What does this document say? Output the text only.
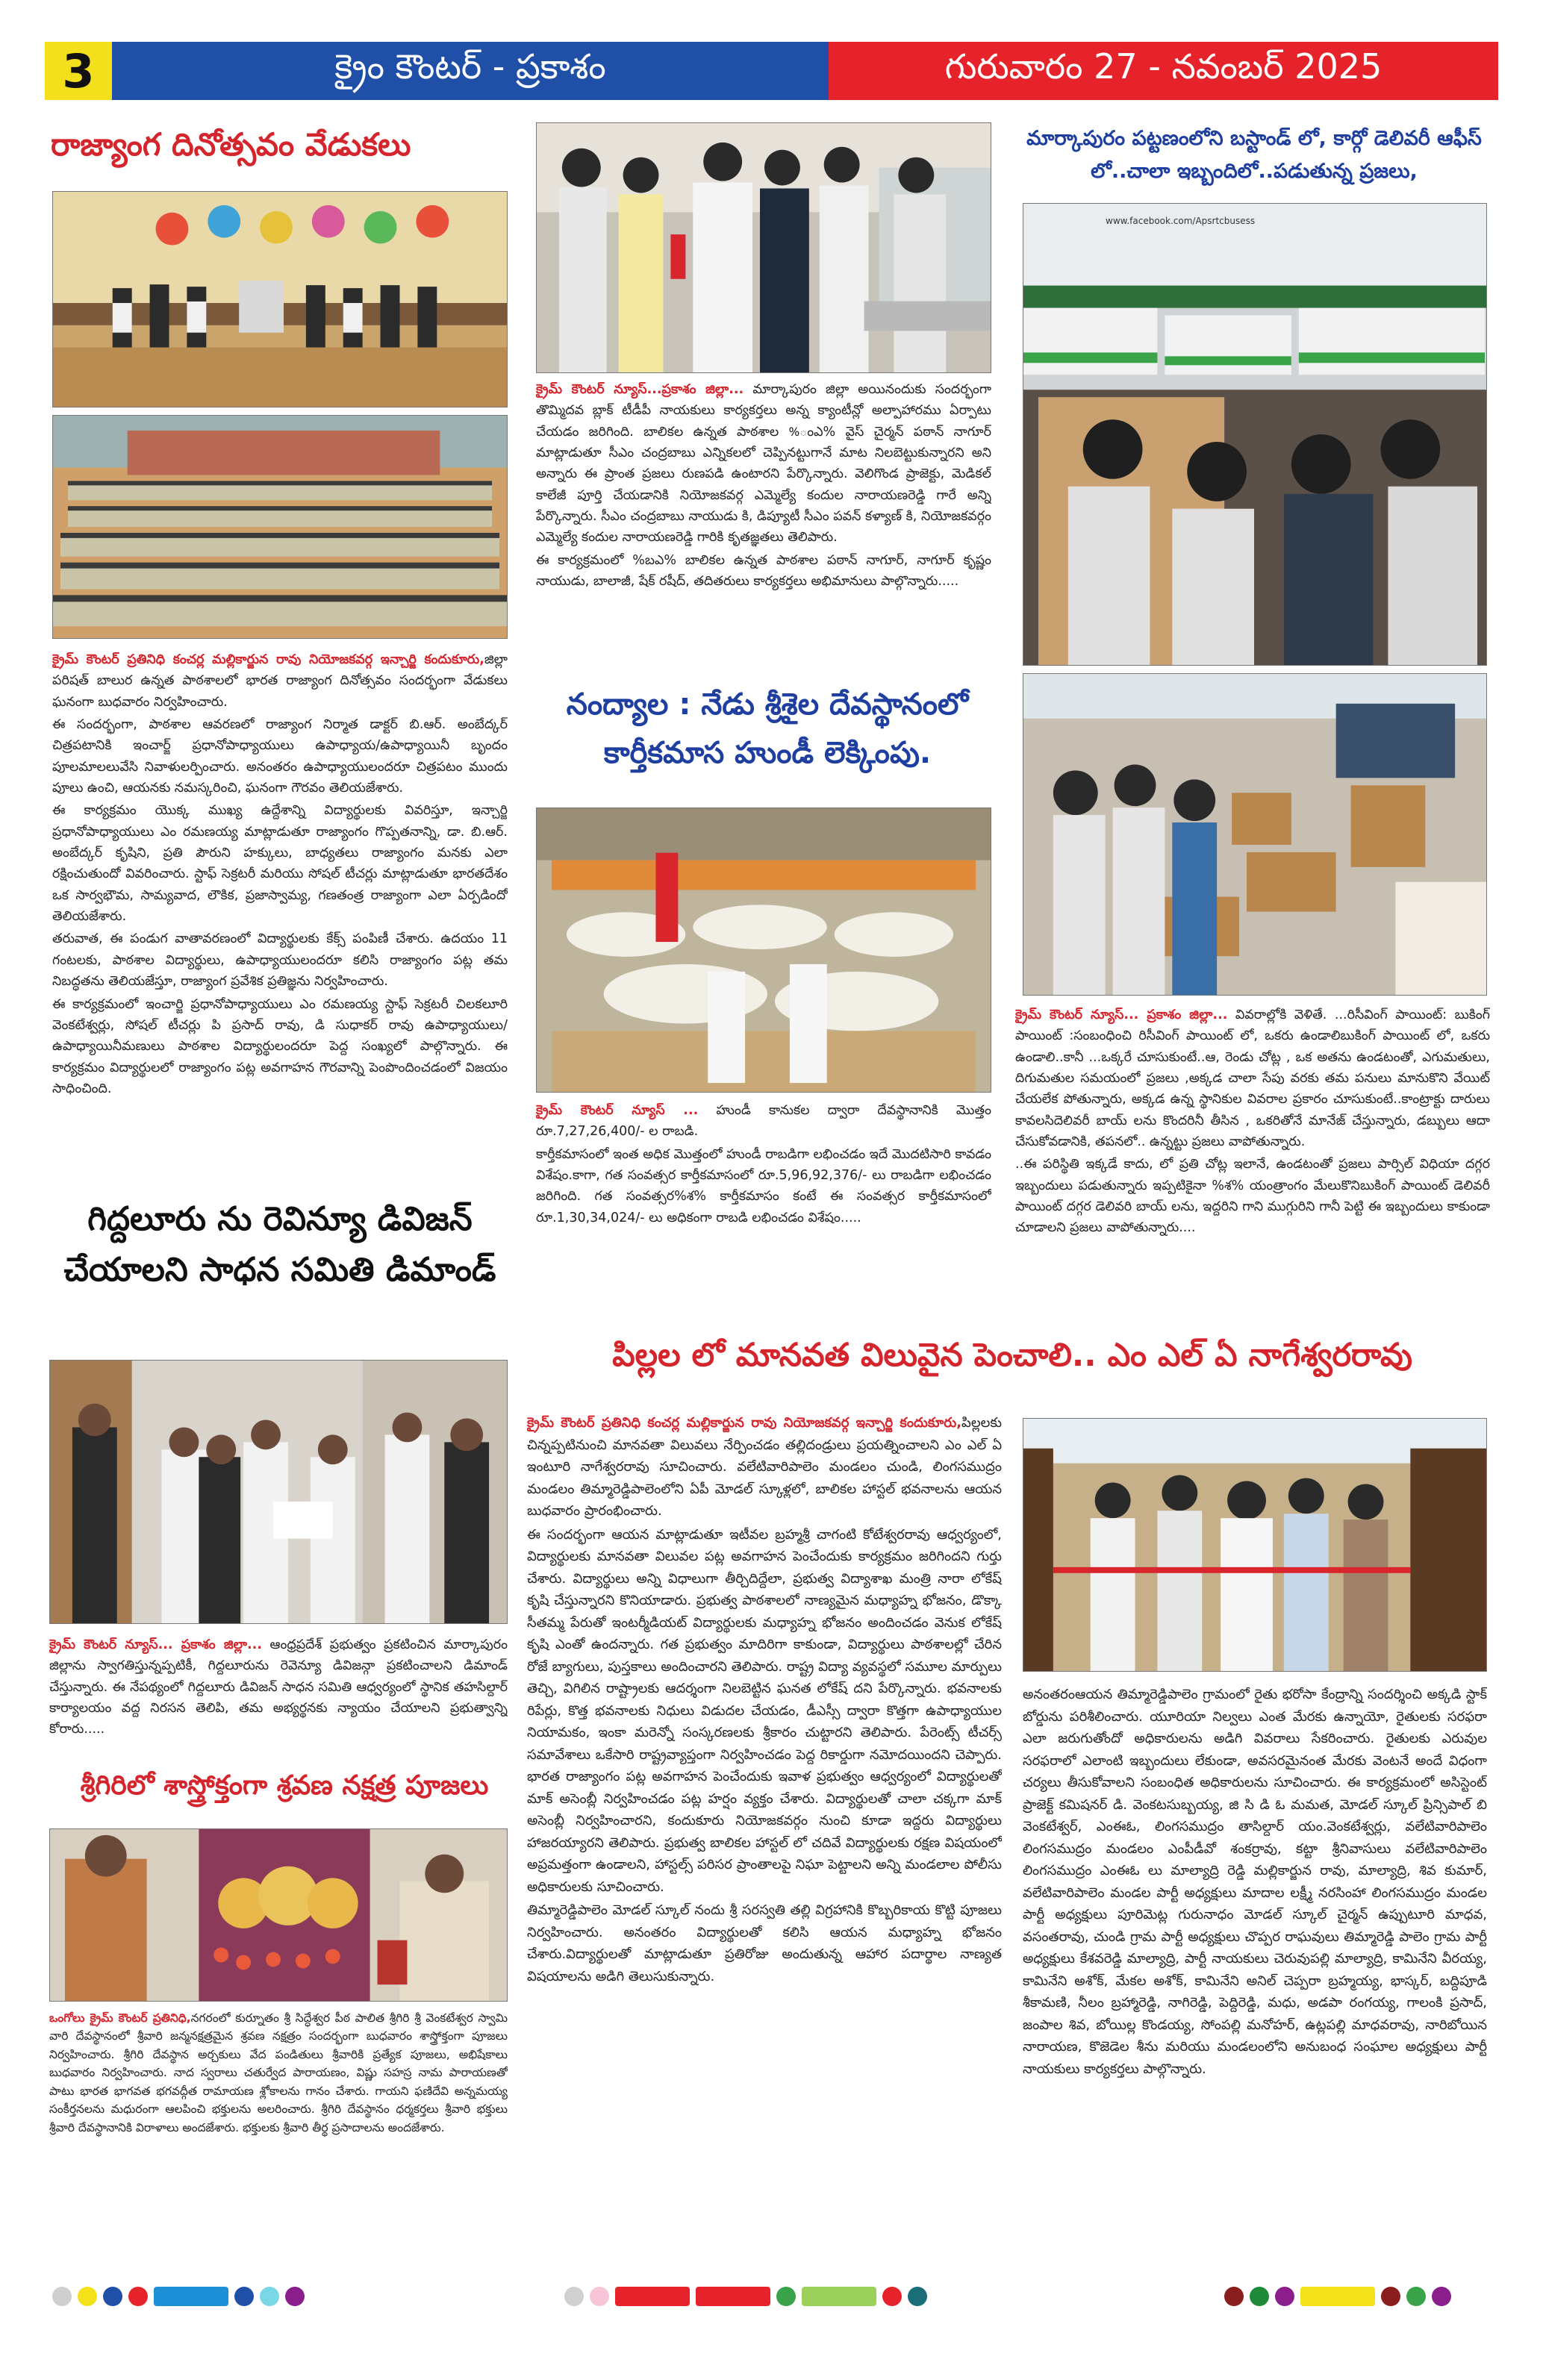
3	క్రైం కౌంటర్ - ప్రకాశం	గురువారం 27 - నవంబర్ 2025
రాజ్యాంగ దినోత్సవం వేడుకలు

క్రైమ్ కౌంటర్ ప్రతినిధి కంచర్ల మల్లికార్జున రావు నియోజకవర్గ ఇన్చార్జి కందుకూరు,జిల్లా పరిషత్ బాలుర ఉన్నత పాఠశాలలో భారత రాజ్యాంగ దినోత్సవం సందర్భంగా వేడుకలు ఘనంగా బుధవారం నిర్వహించారు.

ఈ సందర్భంగా, పాఠశాల ఆవరణలో రాజ్యాంగ నిర్మాత డాక్టర్ బి.ఆర్. అంబేద్కర్ చిత్రపటానికి ఇంచార్జ్ ప్రధానోపాధ్యాయులు ఉపాధ్యాయ/ఉపాధ్యాయినీ బృందం పూలమాలలువేసి నివాళులర్పించారు. అనంతరం ఉపాధ్యాయులందరూ చిత్రపటం ముందు పూలు ఉంచి, ఆయనకు నమస్కరించి, ఘనంగా గౌరవం తెలియజేశారు.

ఈ కార్యక్రమం యొక్క ముఖ్య ఉద్దేశాన్ని విద్యార్థులకు వివరిస్తూ, ఇన్చార్జి ప్రధానోపాధ్యాయులు ఎం రమణయ్య మాట్లాడుతూ రాజ్యాంగం గొప్పతనాన్ని, డా. బి.ఆర్. అంబేద్కర్ కృషిని, ప్రతి పౌరుని హక్కులు, బాధ్యతలు రాజ్యాంగం మనకు ఎలా రక్షించుతుందో వివరించారు. స్టాఫ్ సెక్రటరీ మరియు సోషల్ టీచర్లు మాట్లాడుతూ భారతదేశం ఒక సార్వభౌమ, సామ్యవాద, లౌకిక, ప్రజాస్వామ్య, గణతంత్ర రాజ్యాంగా ఎలా ఏర్పడిందో తెలియజేశారు.

తరువాత, ఈ పండుగ వాతావరణంలో విద్యార్థులకు కేక్స్ పంపిణీ చేశారు. ఉదయం 11 గంటలకు, పాఠశాల విద్యార్థులు, ఉపాధ్యాయులందరూ కలిసి రాజ్యాంగం పట్ల తమ నిబద్ధతను తెలియజేస్తూ, రాజ్యాంగ ప్రవేశిక ప్రతిజ్ఞను నిర్వహించారు.

ఈ కార్యక్రమంలో ఇంచార్జి ప్రధానోపాధ్యాయులు ఎం రమణయ్య స్టాఫ్ సెక్రటరీ చిలకలూరి వెంకటేశ్వర్లు, సోషల్ టీచర్లు పి ప్రసాద్ రావు, డి సుధాకర్ రావు ఉపాధ్యాయులు/ఉపాధ్యాయినీమణులు పాఠశాల విద్యార్థులందరూ పెద్ద సంఖ్యలో పాల్గొన్నారు. ఈ కార్యక్రమం విద్యార్థులలో రాజ్యాంగం పట్ల అవగాహన గౌరవాన్ని పెంపొందించడంలో విజయం సాధించింది.

గిద్దలూరు ను రెవిన్యూ డివిజన్ చేయాలని సాధన సమితి డిమాండ్

క్రైమ్ కౌంటర్ న్యూస్... ప్రకాశం జిల్లా... ఆంధ్రప్రదేశ్ ప్రభుత్వం ప్రకటించిన మార్కాపురం జిల్లాను స్వాగతిస్తున్నప్పటికీ, గిద్దలూరును రెవెన్యూ డివిజన్గా ప్రకటించాలని డిమాండ్ చేస్తున్నారు. ఈ నేపథ్యంలో గిద్దలూరు డివిజన్ సాధన సమితి ఆధ్వర్యంలో స్థానిక తహసిల్దార్ కార్యాలయం వద్ద నిరసన తెలిపి, తమ అభ్యర్థనకు న్యాయం చేయాలని ప్రభుత్వాన్ని కోరారు.....

శ్రీగిరిలో శాస్త్రోక్తంగా శ్రవణ నక్షత్ర పూజలు

ఒంగోలు క్రైమ్ కౌంటర్ ప్రతినిధి,నగరంలో కుర్నూతం శ్రీ సిద్ధేశ్వర పీఠ పాలిత శ్రీగిరి శ్రీ వెంకటేశ్వర స్వామి వారి దేవస్థానంలో శ్రీవారి జన్మనక్షత్రమైన శ్రవణ నక్షత్రం సందర్భంగా బుధవారం శాస్త్రోక్తంగా పూజలు నిర్వహించారు. శ్రీగిరి దేవస్థాన అర్చకులు వేద పండితులు శ్రీవారికి ప్రత్యేక పూజలు, అభిషేకాలు బుధవారం నిర్వహించారు. నాద స్వరాలు చతుర్వేద పారాయణం, విష్ణు సహస్ర నామ పారాయణతో పాటు భారత భాగవత భగవద్గీత రామాయణ శ్లోకాలను గానం చేశారు. గాయని ఫణిదేవి అన్నమయ్య సంకీర్తనలను మధురంగా ఆలపించి భక్తులను అలరించారు. శ్రీగిరి దేవస్థానం ధర్మకర్తలు శ్రీవారి భక్తులు శ్రీవారి దేవస్థానానికి విరాళాలు అందజేశారు. భక్తులకు శ్రీవారి తీర్థ ప్రసాదాలను అందజేశారు.

క్రైమ్ కౌంటర్ న్యూస్...ప్రకాశం జిల్లా... మార్కాపురం జిల్లా అయినందుకు సందర్భంగా తొమ్మిదవ బ్లాక్ టీడీపీ నాయకులు కార్యకర్తలు అన్న క్యాంటీన్లో అల్పాహారము ఏర్పాటు చేయడం జరిగింది. బాలికల ఉన్నత పాఠశాల %ంఎ% వైస్ చైర్మన్ పఠాన్ నాగూర్ మాట్లాడుతూ సీఎం చంద్రబాబు ఎన్నికలలో చెప్పినట్టుగానే మాట నిలబెట్టుకున్నారని అని అన్నారు ఈ ప్రాంత ప్రజలు రుణపడి ఉంటారని పేర్కొన్నారు. వెలిగొండ ప్రాజెక్టు, మెడికల్ కాలేజీ పూర్తి చేయడానికి నియోజకవర్గ ఎమ్మెల్యే కందుల నారాయణరెడ్డి గారే అన్ని పేర్కొన్నారు. సీఎం చంద్రబాబు నాయుడు కి, డిప్యూటీ సీఎం పవన్ కళ్యాణ్ కి, నియోజకవర్గం ఎమ్మెల్యే కందుల నారాయణరెడ్డి గారికి కృతజ్ఞతలు తెలిపారు.

ఈ కార్యక్రమంలో %బఎ% బాలికల ఉన్నత పాఠశాల పఠాన్ నాగూర్, నాగూర్ కృష్ణం నాయుడు, బాలాజీ, షేక్ రషీద్, తదితరులు కార్యకర్తలు అభిమానులు పాల్గొన్నారు.....

నంద్యాల : నేడు శ్రీశైల దేవస్థానంలో కార్తీకమాస హుండీ లెక్కింపు.

క్రైమ్ కౌంటర్ న్యూస్ ... హుండీ కానుకల ద్వారా దేవస్థానానికి మొత్తం రూ.7,27,26,400/- ల రాబడి.

కార్తీకమాసంలో ఇంత అధిక మొత్తంలో హుండీ రాబడిగా లభించడం ఇదే మొదటిసారి కావడం విశేషం.కాగా, గత సంవత్సర కార్తీకమాసంలో రూ.5,96,92,376/- లు రాబడిగా లభించడం జరిగింది. గత సంవత్సర%శ% కార్తీకమాసం కంటే ఈ సంవత్సర కార్తీకమాసంలో రూ.1,30,34,024/- లు అధికంగా రాబడి లభించడం విశేషం.....

మార్కాపురం పట్టణంలోని బస్టాండ్ లో, కార్గో డెలివరీ ఆఫీస్ లో..చాలా ఇబ్బందిలో..పడుతున్న ప్రజలు,
www.facebook.com/Apsrtcbusess

క్రైమ్ కౌంటర్ న్యూస్... ప్రకాశం జిల్లా... వివరాల్లోకి వెళితే. ...రిసీవింగ్ పాయింట్: బుకింగ్ పాయింట్ :సంబంధించి రిసీవింగ్ పాయింట్ లో, ఒకరు ఉండాలిబుకింగ్ పాయింట్ లో, ఒకరు ఉండాలి..కానీ ...ఒక్కరే చూసుకుంటే..ఆ, రెండు చోట్ల , ఒక అతను ఉండటంతో, ఎగుమతులు, దిగుమతుల సమయంలో ప్రజలు ,అక్కడ చాలా సేపు వరకు తమ పనులు మానుకొని వేయిట్ చేయలేక పోతున్నారు, అక్కడ ఉన్న స్థానికుల వివరాల ప్రకారం చూసుకుంటే..కాంట్రాక్టు దారులు కావలసిదెలివరీ బాయ్ లను కొందరినీ తీసిన , ఒకరితోనే మానేజ్ చేస్తున్నారు, డబ్బులు ఆదా చేసుకోవడానికి, తపనలో.. ఉన్నట్టు ప్రజలు వాపోతున్నారు.

..ఈ పరిస్థితి ఇక్కడే కాదు, లో ప్రతి చోట్ల ఇలానే, ఉండటంతో ప్రజలు పార్సిల్ విధియా దగ్గర ఇబ్బందులు పడుతున్నారు ఇప్పటికైనా %శ% యంత్రాంగం మేలుకొనిబుకింగ్ పాయింట్ డెలివరీ పాయింట్ దగ్గర డెలివరి బాయ్ లను, ఇద్దరిని గాని ముగ్గురిని గానీ పెట్టి ఈ ఇబ్బందులు కాకుండా చూడాలని ప్రజలు వాపోతున్నారు....

పిల్లల లో మానవత విలువైన పెంచాలి.. ఎం ఎల్ ఏ నాగేశ్వరరావు

క్రైమ్ కౌంటర్ ప్రతినిధి కంచర్ల మల్లికార్జున రావు నియోజకవర్గ ఇన్చార్జి కందుకూరు,పిల్లలకు చిన్నప్పటినుంచి మానవతా విలువలు నేర్పించడం తల్లిదండ్రులు ప్రయత్నించాలని ఎం ఎల్ ఏ ఇంటూరి నాగేశ్వరరావు సూచించారు. వలేటివారిపాలెం మండలం చుండి, లింగసముద్రం మండలం తిమ్మారెడ్డిపాలెంలోని ఏపీ మోడల్ స్కూళ్లలో, బాలికల హాస్టల్ భవనాలను ఆయన బుధవారం ప్రారంభించారు.

ఈ సందర్భంగా ఆయన మాట్లాడుతూ ఇటీవల బ్రహ్మశ్రీ చాగంటి కోటేశ్వరరావు ఆధ్వర్యంలో, విద్యార్థులకు మానవతా విలువల పట్ల అవగాహన పెంచేందుకు కార్యక్రమం జరిగిందని గుర్తు చేశారు. విద్యార్థులు అన్ని విధాలుగా తీర్చిదిద్దేలా, ప్రభుత్వ విద్యాశాఖ మంత్రి నారా లోకేష్ కృషి చేస్తున్నారని కొనియాడారు. ప్రభుత్వ పాఠశాలలో నాణ్యమైన మధ్యాహ్న భోజనం, డొక్కా సీతమ్మ పేరుతో ఇంటర్మీడియట్ విద్యార్థులకు మధ్యాహ్న భోజనం అందించడం వెనుక లోకేష్ కృషి ఎంతో ఉందన్నారు. గత ప్రభుత్వం మాదిరిగా కాకుండా, విద్యార్థులు పాఠశాలల్లో చేరిన రోజే బ్యాగులు, పుస్తకాలు అందించారని తెలిపారు. రాష్ట్ర విద్యా వ్యవస్థలో సమూల మార్పులు తెచ్చి, విగిలిన రాష్ట్రాలకు ఆదర్శంగా నిలబెట్టిన ఘనత లోకేష్ దని పేర్కొన్నారు. భవనాలకు రిపేర్లు, కొత్త భవనాలకు నిధులు విడుదల చేయడం, డీఎస్సీ ద్వారా కొత్తగా ఉపాధ్యాయుల నియామకం, ఇంకా మరెన్నో సంస్కరణలకు శ్రీకారం చుట్టారని తెలిపారు. పేరెంట్స్ టీచర్స్ సమావేశాలు ఒకేసారి రాష్ట్రవ్యాప్తంగా నిర్వహించడం పెద్ద రికార్డుగా నమోదయిందని చెప్పారు. భారత రాజ్యాంగం పట్ల అవగాహన పెంచేందుకు ఇవాళ ప్రభుత్వం ఆధ్వర్యంలో విద్యార్థులతో మాక్ అసెంబ్లీ నిర్వహించడం పట్ల హర్షం వ్యక్తం చేశారు. విద్యార్థులతో చాలా చక్కగా మాక్ అసెంబ్లీ నిర్వహించారని, కందుకూరు నియోజకవర్గం నుంచి కూడా ఇద్దరు విద్యార్థులు హాజరయ్యారని తెలిపారు. ప్రభుత్వ బాలికల హాస్టల్ లో చదివే విద్యార్థులకు రక్షణ విషయంలో అప్రమత్తంగా ఉండాలని, హాస్టల్స్ పరిసర ప్రాంతాలపై నిఘా పెట్టాలని అన్ని మండలాల పోలీసు అధికారులకు సూచించారు.

తిమ్మారెడ్డిపాలెం మోడల్ స్కూల్ నందు శ్రీ సరస్వతి తల్లి విగ్రహానికి కొబ్బరికాయ కొట్టి పూజలు నిర్వహించారు. అనంతరం విద్యార్థులతో కలిసి ఆయన మధ్యాహ్న భోజనం చేశారు.విద్యార్థులతో మాట్లాడుతూ ప్రతిరోజు అందుతున్న ఆహార పదార్థాల నాణ్యత విషయాలను అడిగి తెలుసుకున్నారు.

అనంతరంఆయన తిమ్మారెడ్డిపాలెం గ్రామంలో రైతు భరోసా కేంద్రాన్ని సందర్శించి అక్కడి స్టాక్ బోర్డును పరిశీలించారు. యూరియా నిల్వలు ఎంత మేరకు ఉన్నాయో, రైతులకు సరఫరా ఎలా జరుగుతోందో అధికారులను అడిగి వివరాలు సేకరించారు. రైతులకు ఎరువుల సరఫరాలో ఎలాంటి ఇబ్బందులు లేకుండా, అవసరమైనంత మేరకు వెంటనే అందే విధంగా చర్యలు తీసుకోవాలని సంబంధిత అధికారులను సూచించారు. ఈ కార్యక్రమంలో అసిస్టెంట్ ప్రాజెక్ట్ కమిషనర్ డి. వెంకటసుబ్బయ్య, జి సి డి ఓ మమత, మోడల్ స్కూల్ ప్రిన్సిపాల్ బి వెంకటేశ్వర్, ఎంఈఓ, లింగసముద్రం తాసిల్దార్ యం.వెంకటేశ్వర్లు, వలేటివారిపాలెం లింగసముద్రం మండలం ఎంపీడీవో శంకర్రావు, కట్టా శ్రీనివాసులు వలేటివారిపాలెం లింగసముద్రం ఎంఈఓ లు మాల్యాద్రి రెడ్డి మల్లికార్జున రావు, మాల్యాద్రి, శివ కుమార్, వలేటివారిపాలెం మండల పార్టీ అధ్యక్షులు మాదాల లక్ష్మీ నరసింహా లింగసముద్రం మండల పార్టీ అధ్యక్షులు పూరిమెట్ల గురునాధం మోడల్ స్కూల్ చైర్మన్ ఉప్పుటూరి మాధవ, వసంతరావు, చుండి గ్రామ పార్టీ అధ్యక్షులు చొప్పర రాఘవులు తిమ్మారెడ్డి పాలెం గ్రామ పార్టీ అధ్యక్షులు కేశవరెడ్డి మాల్యాద్రి, పార్టీ నాయకులు చెరువుపల్లి మాల్యాద్రి, కామినేని వీరయ్య, కామినేని అశోక్, మేకల అశోక్, కామినేని అనిల్ చెప్పరా బ్రహ్మయ్య, భాస్కర్, బద్దిపూడి శీకామణి, నీలం బ్రహ్మారెడ్డి, నాగిరెడ్డి, పెద్దిరెడ్డి, మధు, అడపా రంగయ్య, గాలంకి ప్రసాద్, జంపాల శివ, బోయిల్ల కొండయ్య, సోంపల్లి మనోహర్, ఉట్లపల్లి మాధవరావు, నారిబోయిన నారాయణ, కొజెడెల శీను మరియు మండలంలోని అనుబంధ సంఘాల అధ్యక్షులు పార్టీ నాయకులు కార్యకర్తలు పాల్గొన్నారు.
